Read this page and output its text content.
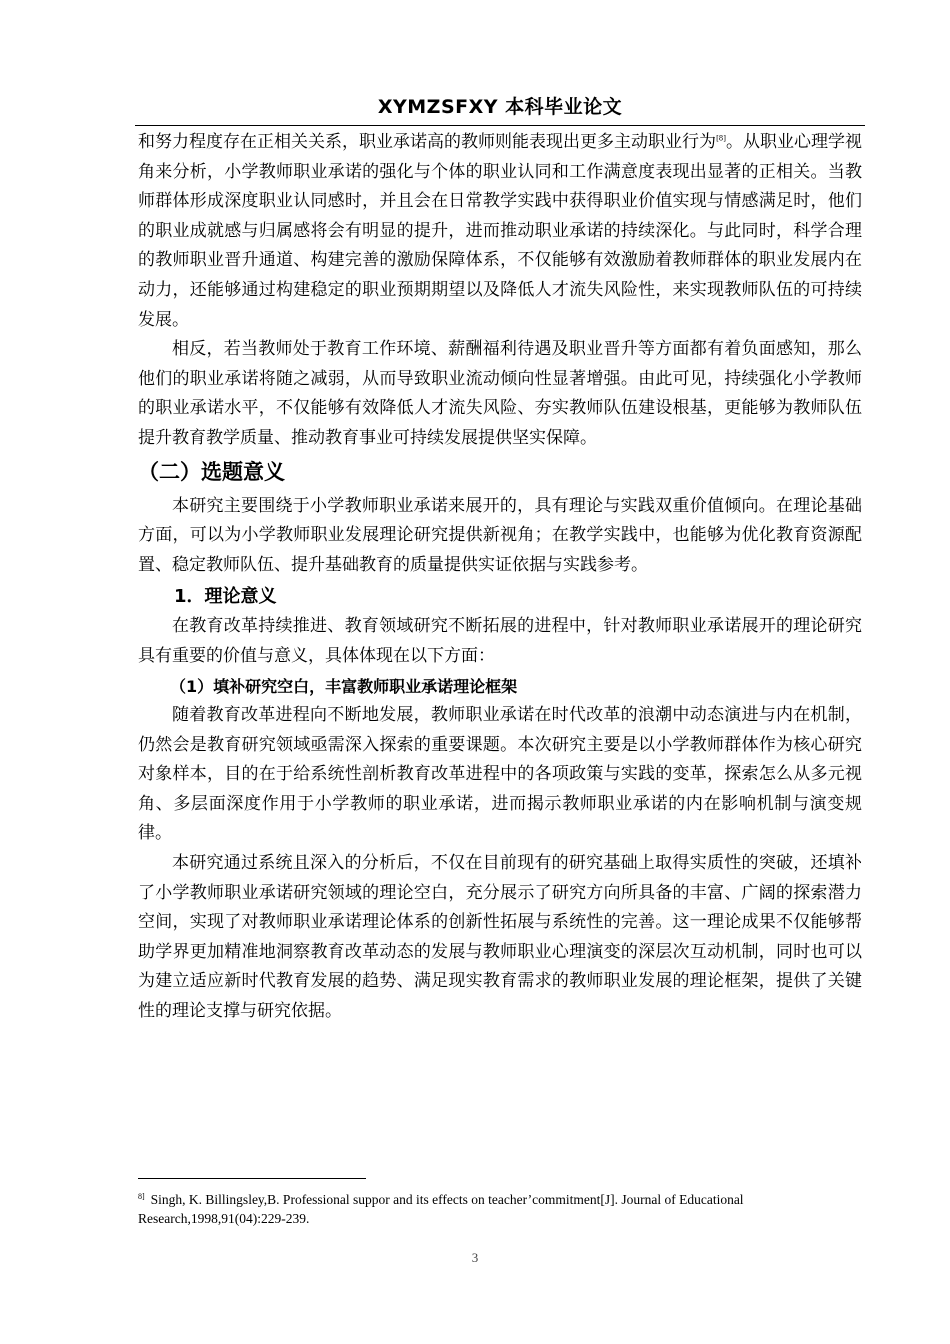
XYMZSFXY 本科毕业论文

和努力程度存在正相关关系，职业承诺高的教师则能表现出更多主动职业行为[8]。从职业心理学视角来分析，小学教师职业承诺的强化与个体的职业认同和工作满意度表现出显著的正相关。当教师群体形成深度职业认同感时，并且会在日常教学实践中获得职业价值实现与情感满足时，他们的职业成就感与归属感将会有明显的提升，进而推动职业承诺的持续深化。与此同时，科学合理的教师职业晋升通道、构建完善的激励保障体系，不仅能够有效激励着教师群体的职业发展内在动力，还能够通过构建稳定的职业预期期望以及降低人才流失风险性，来实现教师队伍的可持续发展。

相反，若当教师处于教育工作环境、薪酬福利待遇及职业晋升等方面都有着负面感知，那么他们的职业承诺将随之减弱，从而导致职业流动倾向性显著增强。由此可见，持续强化小学教师的职业承诺水平，不仅能够有效降低人才流失风险、夯实教师队伍建设根基，更能够为教师队伍提升教育教学质量、推动教育事业可持续发展提供坚实保障。

（二）选题意义

本研究主要围绕于小学教师职业承诺来展开的，具有理论与实践双重价值倾向。在理论基础方面，可以为小学教师职业发展理论研究提供新视角；在教学实践中，也能够为优化教育资源配置、稳定教师队伍、提升基础教育的质量提供实证依据与实践参考。

1．理论意义

在教育改革持续推进、教育领域研究不断拓展的进程中，针对教师职业承诺展开的理论研究具有重要的价值与意义，具体体现在以下方面：

（1）填补研究空白，丰富教师职业承诺理论框架

随着教育改革进程向不断地发展，教师职业承诺在时代改革的浪潮中动态演进与内在机制，仍然会是教育研究领域亟需深入探索的重要课题。本次研究主要是以小学教师群体作为核心研究对象样本，目的在于给系统性剖析教育改革进程中的各项政策与实践的变革，探索怎么从多元视角、多层面深度作用于小学教师的职业承诺，进而揭示教师职业承诺的内在影响机制与演变规律。

本研究通过系统且深入的分析后，不仅在目前现有的研究基础上取得实质性的突破，还填补了小学教师职业承诺研究领域的理论空白，充分展示了研究方向所具备的丰富、广阔的探索潜力空间，实现了对教师职业承诺理论体系的创新性拓展与系统性的完善。这一理论成果不仅能够帮助学界更加精准地洞察教育改革动态的发展与教师职业心理演变的深层次互动机制，同时也可以为建立适应新时代教育发展的趋势、满足现实教育需求的教师职业发展的理论框架，提供了关键性的理论支撑与研究依据。

$^{8]}$ Singh, K. Billingsley,B. Professional suppor and its effects on teacher’commitment[J]. Journal of Educational
Research,1998,91(04):229-239.
3
